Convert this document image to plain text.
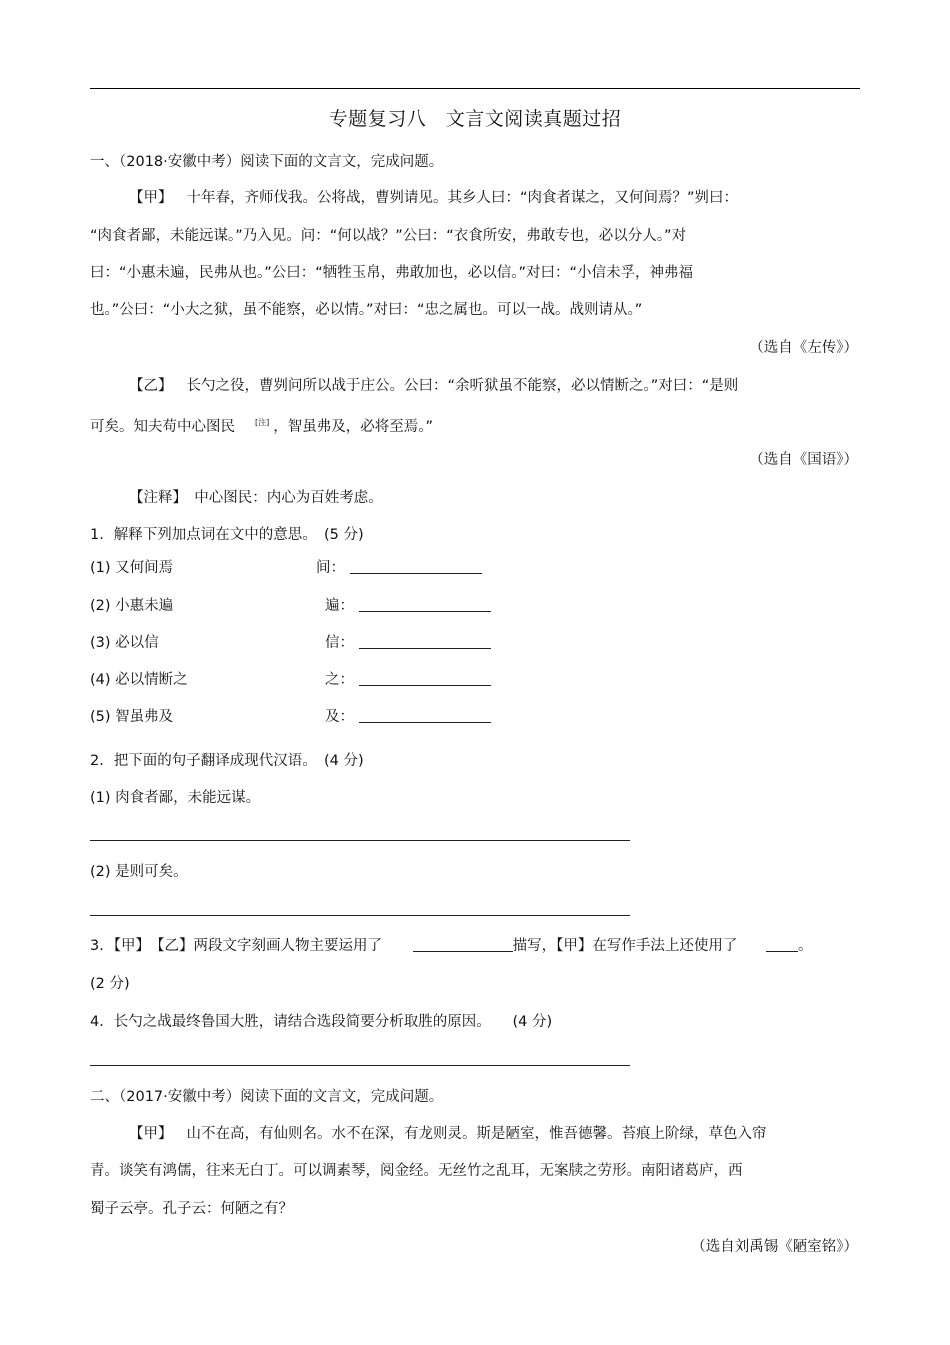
专题复习八　文言文阅读真题过招
一、（2018·安徽中考）阅读下面的文言文，完成问题。
【甲】 十年春，齐师伐我。公将战，曹刿请见。其乡人曰：“肉食者谋之，又何间焉？”刿曰：
“肉食者鄙，未能远谋。”乃入见。问：“何以战？”公曰：“衣食所安，弗敢专也，必以分人。”对
曰：“小惠未遍，民弗从也。”公曰：“牺牲玉帛，弗敢加也，必以信。”对曰：“小信未孚，神弗福
也。”公曰：“小大之狱，虽不能察，必以情。”对曰：“忠之属也。可以一战。战则请从。”
（选自《左传》）
【乙】 长勺之役，曹刿问所以战于庄公。公曰：“余听狱虽不能察，必以情断之。”对曰：“是则
可矣。知夫苟中心图民	[注] ，智虽弗及，必将至焉。”
（选自《国语》）
【注释】　中心图民：内心为百姓考虑。
1．解释下列加点词在文中的意思。　(5 分)
(1) 又何间焉	间：
(2) 小惠未遍	遍：
(3) 必以信	信：
(4) 必以情断之	之：
(5) 智虽弗及	及：
2．把下面的句子翻译成现代汉语。　(4 分)
(1) 肉食者鄙，未能远谋。
(2) 是则可矣。
3．【甲】　【乙】两段文字刻画人物主要运用了	描写，【甲】在写作手法上还使用了	。
(2 分)
4．长勺之战最终鲁国大胜，请结合选段简要分析取胜的原因。　　(4 分)
二、（2017·安徽中考）阅读下面的文言文，完成问题。
【甲】 山不在高，有仙则名。水不在深，有龙则灵。斯是陋室，惟吾德馨。苔痕上阶绿，草色入帘
青。谈笑有鸿儒，往来无白丁。可以调素琴，阅金经。无丝竹之乱耳，无案牍之劳形。南阳诸葛庐，西
蜀子云亭。孔子云：何陋之有？
（选自刘禹锡《陋室铭》）
